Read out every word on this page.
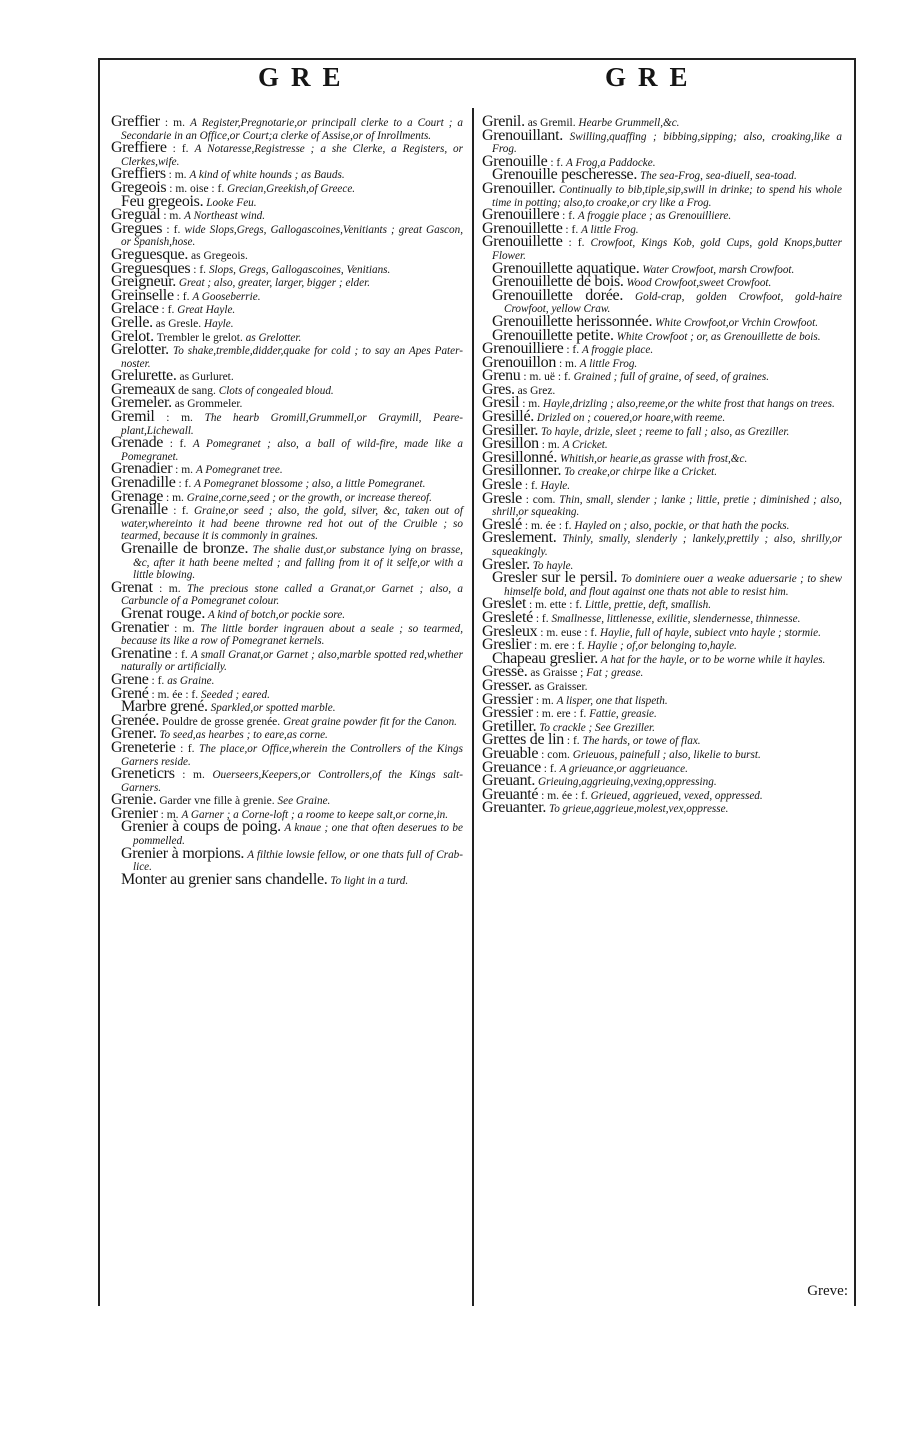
GRE	GRE
Greffier : m. A Register,Pregnotarie,or principall clerke to a Court ; a Secondarie in an Office,or Court;a clerke of Assise,or of Inrollments.
Greffiere : f. A Notaresse,Registresse ; a she Clerke, a Registers, or Clerkes,wife.
Greffiers : m. A kind of white hounds ; as Bauds.
Gregeois : m. oise : f. Grecian,Greekish,of Greece.
Feu gregeois. Looke Feu.
Gregual : m. A Northeast wind.
Gregues : f. wide Slops,Gregs, Gallogascoines,Venitiants ; great Gascon, or Spanish,hose.
Greguesque. as Gregeois.
Greguesques : f. Slops, Gregs, Gallogascoines, Venitians.
Greigneur. Great ; also, greater, larger, bigger ; elder.
Greinselle : f. A Gooseberrie.
Grelace : f. Great Hayle.
Grelle. as Gresle. Hayle.
Grelot. Trembler le grelot. as Grelotter.
Grelotter. To shake,tremble,didder,quake for cold ; to say an Apes Pater-noster.
Grelurette. as Gurluret.
Gremeaux de sang. Clots of congealed bloud.
Gremeler. as Grommeler.
Gremil : m. The hearb Gromill,Grummell,or Graymill, Peare-plant,Lichewall.
Grenade : f. A Pomegranet ; also, a ball of wild-fire, made like a Pomegranet.
Grenadier : m. A Pomegranet tree.
Grenadille : f. A Pomegranet blossome ; also, a little Pomegranet.
Grenage : m. Graine,corne,seed ; or the growth, or increase thereof.
Grenaille : f. Graine,or seed ; also, the gold, silver, &c, taken out of water,whereinto it had beene throwne red hot out of the Cruible ; so tearmed, because it is commonly in graines.
Grenaille de bronze. The shalie dust,or substance lying on brasse, &c, after it hath beene melted ; and falling from it of it selfe,or with a little blowing.
Grenat : m. The precious stone called a Granat,or Garnet ; also, a Carbuncle of a Pomegranet colour.
Grenat rouge. A kind of botch,or pockie sore.
Grenatier : m. The little border ingrauen about a seale ; so tearmed, because its like a row of Pomegranet kernels.
Grenatine : f. A small Granat,or Garnet ; also,marble spotted red,whether naturally or artificially.
Grene : f. as Graine.
Grené : m. ée : f. Seeded ; eared.
Marbre grené. Sparkled,or spotted marble.
Grenée. Pouldre de grosse grenée. Great graine powder fit for the Canon.
Grener. To seed,as hearbes ; to eare,as corne.
Greneterie : f. The place,or Office,wherein the Controllers of the Kings Garners reside.
Greneticrs : m. Ouerseers,Keepers,or Controllers,of the Kings salt-Garners.
Grenie. Garder vne fille à grenie. See Graine.
Grenier : m. A Garner ; a Corne-loft ; a roome to keepe salt,or corne,in.
Grenier à coups de poing. A knaue ; one that often deserues to be pommelled.
Grenier à morpions. A filthie lowsie fellow, or one thats full of Crab-lice.
Monter au grenier sans chandelle. To light in a turd.
Grenil. as Gremil. Hearbe Grummell,&c.
Grenouillant. Swilling,quaffing ; bibbing,sipping; also, croaking,like a Frog.
Grenouille : f. A Frog,a Paddocke.
Grenouille pescheresse. The sea-Frog, sea-diuell, sea-toad.
Grenouiller. Continually to bib,tiple,sip,swill in drinke; to spend his whole time in potting; also,to croake,or cry like a Frog.
Grenouillere : f. A froggie place ; as Grenouilliere.
Grenouillette : f. A little Frog.
Grenouillette : f. Crowfoot, Kings Kob, gold Cups, gold Knops,butter Flower.
Grenouillette aquatique. Water Crowfoot, marsh Crowfoot.
Grenouillette de bois. Wood Crowfoot,sweet Crowfoot.
Grenouillette dorée. Gold-crap, golden Crowfoot, gold-haire Crowfoot, yellow Craw.
Grenouillette herissonnée. White Crowfoot,or Vrchin Crowfoot.
Grenouillette petite. White Crowfoot ; or, as Grenouillette de bois.
Grenouilliere : f. A froggie place.
Grenouillon : m. A little Frog.
Grenu : m. uë : f. Grained ; full of graine, of seed, of graines.
Gres. as Grez.
Gresil : m. Hayle,drizling ; also,reeme,or the white frost that hangs on trees.
Gresillé. Drizled on ; couered,or hoare,with reeme.
Gresiller. To hayle, drizle, sleet ; reeme to fall ; also, as Greziller.
Gresillon : m. A Cricket.
Gresillonné. Whitish,or hearie,as grasse with frost,&c.
Gresillonner. To creake,or chirpe like a Cricket.
Gresle : f. Hayle.
Gresle : com. Thin, small, slender ; lanke ; little, pretie ; diminished ; also, shrill,or squeaking.
Greslé : m. ée : f. Hayled on ; also, pockie, or that hath the pocks.
Greslement. Thinly, smally, slenderly ; lankely,prettily ; also, shrilly,or squeakingly.
Gresler. To hayle.
Gresler sur le persil. To dominiere ouer a weake aduersarie ; to shew himselfe bold, and flout against one thats not able to resist him.
Greslet : m. ette : f. Little, prettie, deft, smallish.
Gresleté : f. Smallnesse, littlenesse, exilitie, slendernesse, thinnesse.
Gresleux : m. euse : f. Haylie, full of hayle, subiect vnto hayle ; stormie.
Greslier : m. ere : f. Haylie ; of,or belonging to,hayle.
Chapeau greslier. A hat for the hayle, or to be worne while it hayles.
Gresse. as Graisse ; Fat ; grease.
Gresser. as Graisser.
Gressier : m. A lisper, one that lispeth.
Gressier : m. ere : f. Fattie, greasie.
Gretiller. To crackle ; See Greziller.
Grettes de lin : f. The hards, or towe of flax.
Greuable : com. Grieuous, painefull ; also, likelie to burst.
Greuance : f. A grieuance,or aggrieuance.
Greuant. Grieuing,aggrieuing,vexing,oppressing.
Greuanté : m. ée : f. Grieued, aggrieued, vexed, oppressed.
Greuanter. To grieue,aggrieue,molest,vex,oppresse.
Greve:
